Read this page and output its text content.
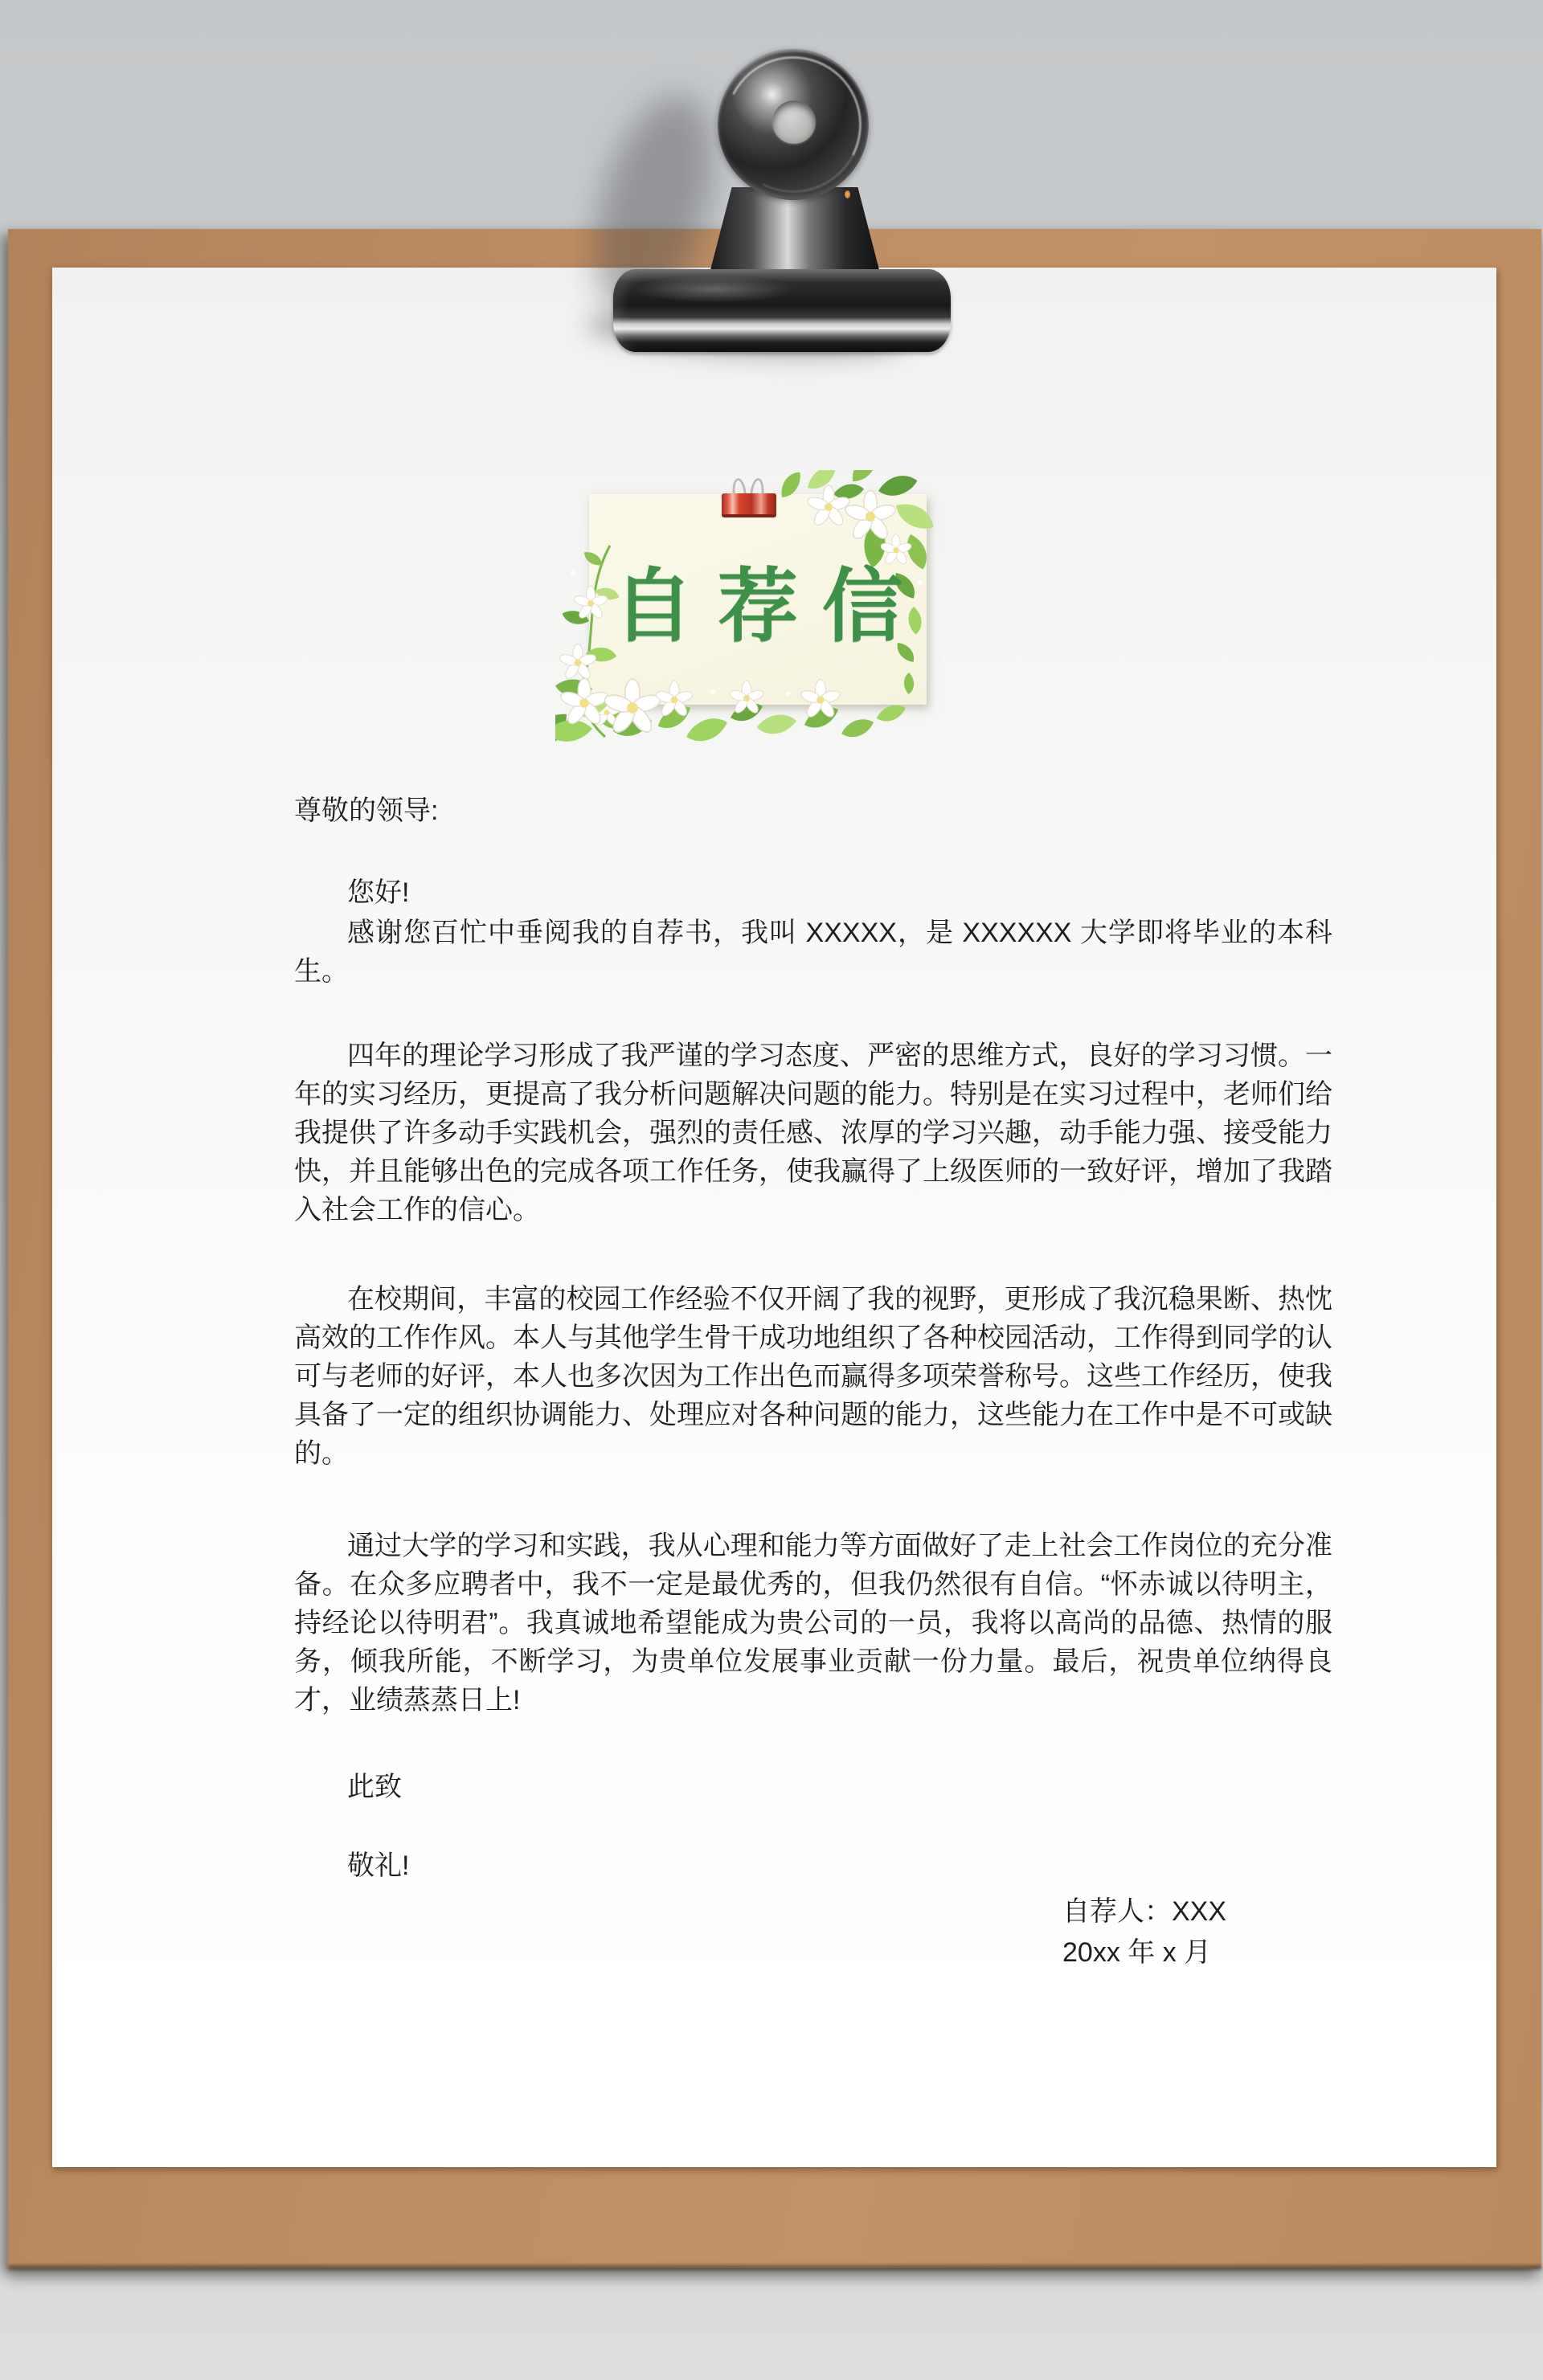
自荐信
尊敬的领导:
您好!

感谢您百忙中垂阅我的自荐书，我叫 XXXXX，是 XXXXXX 大学即将毕业的本科生。

四年的理论学习形成了我严谨的学习态度、严密的思维方式，良好的学习习惯。一年的实习经历，更提高了我分析问题解决问题的能力。特别是在实习过程中，老师们给我提供了许多动手实践机会，强烈的责任感、浓厚的学习兴趣，动手能力强、接受能力快，并且能够出色的完成各项工作任务，使我赢得了上级医师的一致好评，增加了我踏入社会工作的信心。

在校期间，丰富的校园工作经验不仅开阔了我的视野，更形成了我沉稳果断、热忱高效的工作作风。本人与其他学生骨干成功地组织了各种校园活动，工作得到同学的认可与老师的好评，本人也多次因为工作出色而赢得多项荣誉称号。这些工作经历，使我具备了一定的组织协调能力、处理应对各种问题的能力，这些能力在工作中是不可或缺的。

通过大学的学习和实践，我从心理和能力等方面做好了走上社会工作岗位的充分准备。在众多应聘者中，我不一定是最优秀的，但我仍然很有自信。“怀赤诚以待明主，持经论以待明君”。我真诚地希望能成为贵公司的一员，我将以高尚的品德、热情的服务，倾我所能，不断学习，为贵单位发展事业贡献一份力量。最后，祝贵单位纳得良才，业绩蒸蒸日上!

此致
敬礼!
自荐人：XXX
20xx 年 x 月
